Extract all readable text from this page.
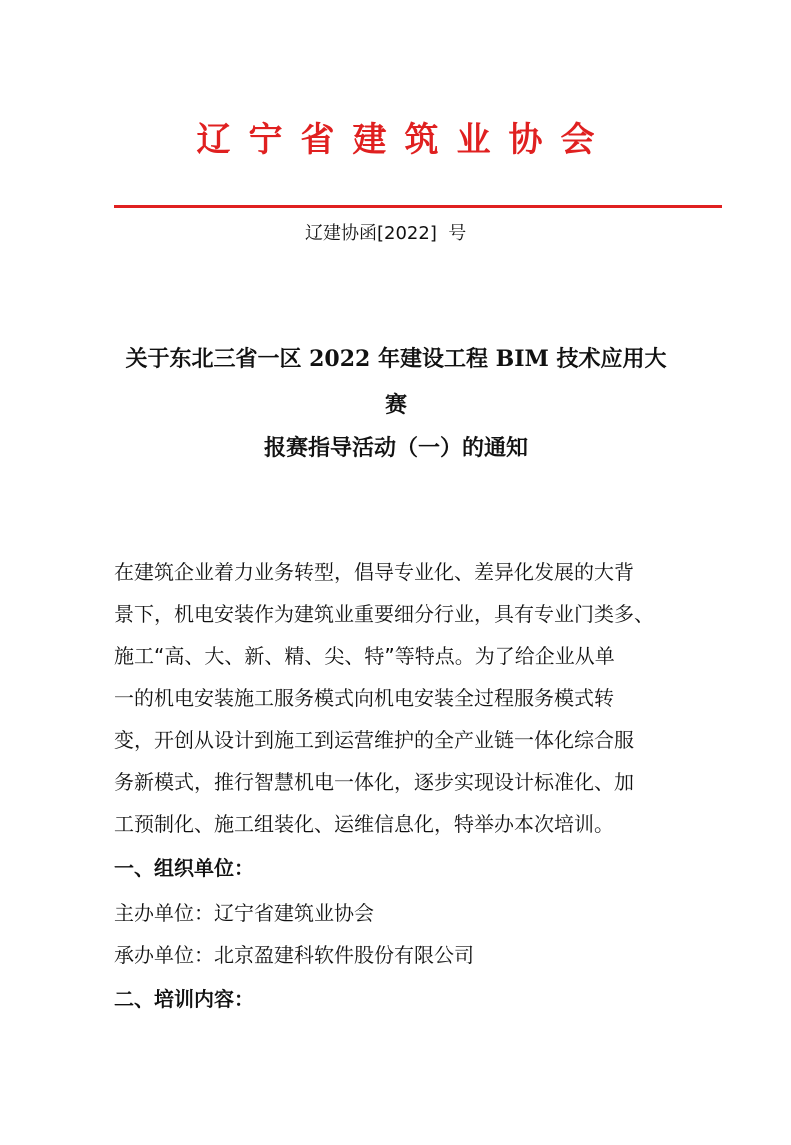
辽宁省建筑业协会
辽建协函[2022]  号
关于东北三省一区 2022 年建设工程 BIM 技术应用大
赛
报赛指导活动（一）的通知
在建筑企业着力业务转型，倡导专业化、差异化发展的大背
景下，机电安装作为建筑业重要细分行业，具有专业门类多、
施工“高、大、新、精、尖、特”等特点。为了给企业从单
一的机电安装施工服务模式向机电安装全过程服务模式转
变，开创从设计到施工到运营维护的全产业链一体化综合服
务新模式，推行智慧机电一体化，逐步实现设计标准化、加
工预制化、施工组装化、运维信息化，特举办本次培训。
一、组织单位：
主办单位：辽宁省建筑业协会
承办单位：北京盈建科软件股份有限公司
二、培训内容：
